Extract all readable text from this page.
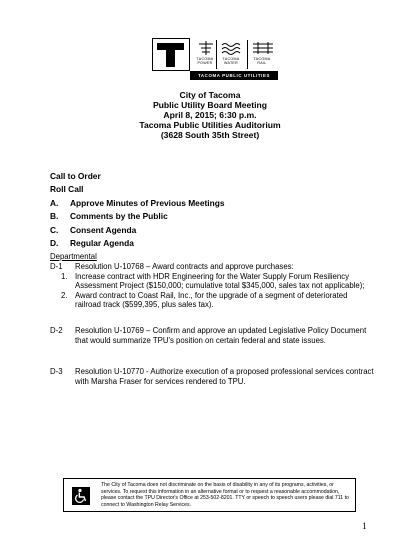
TACOMA
POWER
TACOMA
WATER
TACOMA
RAIL
TACOMA PUBLIC UTILITIES
City of Tacoma
Public Utility Board Meeting
April 8, 2015; 6:30 p.m.
Tacoma Public Utilities Auditorium
(3628 South 35th Street)
Call to Order
Roll Call
A. Approve Minutes of Previous Meetings
B. Comments by the Public
C. Consent Agenda
D. Regular Agenda
Departmental
D-1 Resolution U-10768 – Award contracts and approve purchases:
1. Increase contract with HDR Engineering for the Water Supply Forum Resiliency Assessment Project ($150,000; cumulative total $345,000, sales tax not applicable);
2. Award contract to Coast Rail, Inc., for the upgrade of a segment of deteriorated railroad track ($599,395, plus sales tax).
D-2 Resolution U-10769 – Confirm and approve an updated Legislative Policy Document that would summarize TPU's position on certain federal and state issues.
D-3 Resolution U-10770 - Authorize execution of a proposed professional services contract with Marsha Fraser for services rendered to TPU.
The City of Tacoma does not discriminate on the basis of disability in any of its programs, activities, or services. To request this information in an alternative format or to request a reasonable accommodation, please contact the TPU Director's Office at 253-502-8201. TTY or speech to speech users please dial 711 to connect to Washington Relay Services.
1
